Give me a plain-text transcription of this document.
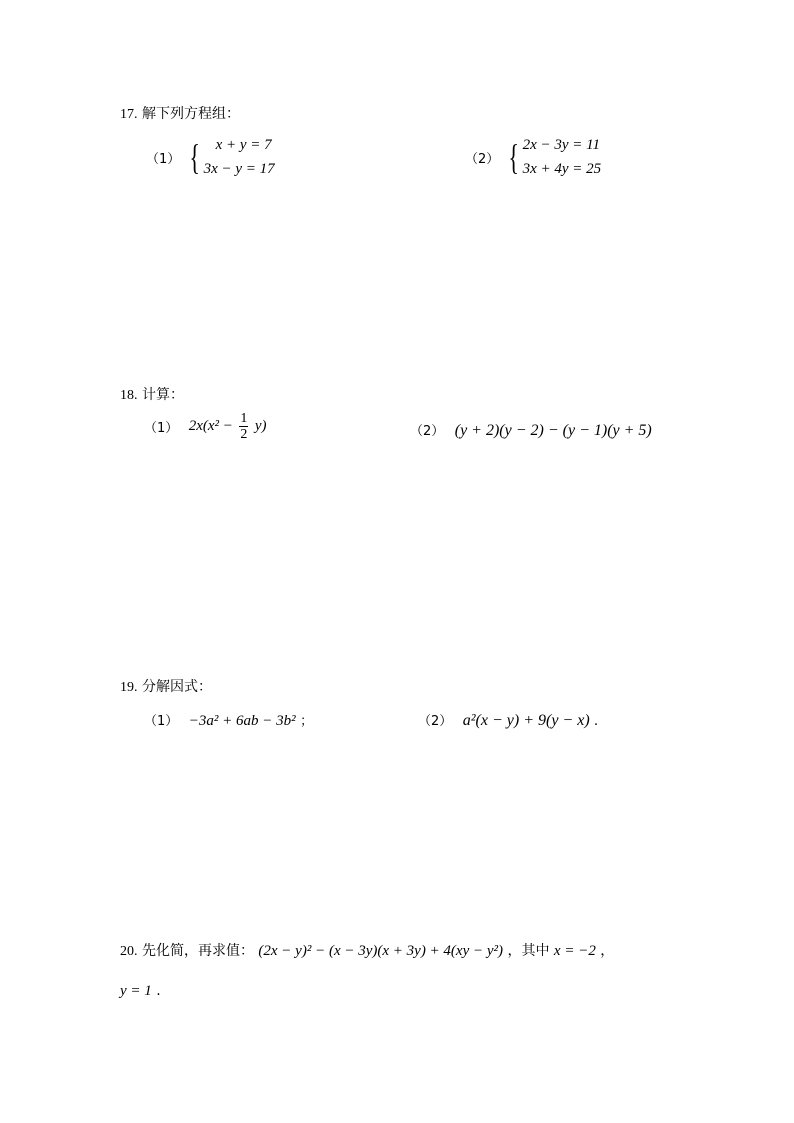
17. 解下列方程组：
（1） {	x + y = 7
3x − y = 17
（2） { 2x − 3y = 11
3x + 4y = 25
18. 计算：
（1） $2x(x^2 - \frac{1}{2} y)$	（2） (y + 2)(y − 2) − (y − 1)(y + 5)
19. 分解因式：
（1） −3a² + 6ab − 3b² ；	（2） a²(x − y) + 9(y − x) .
20. 先化简，再求值： (2x − y)² − (x − 3y)(x + 3y) + 4(xy − y²) ，其中 x = −2 ，
y = 1 .
